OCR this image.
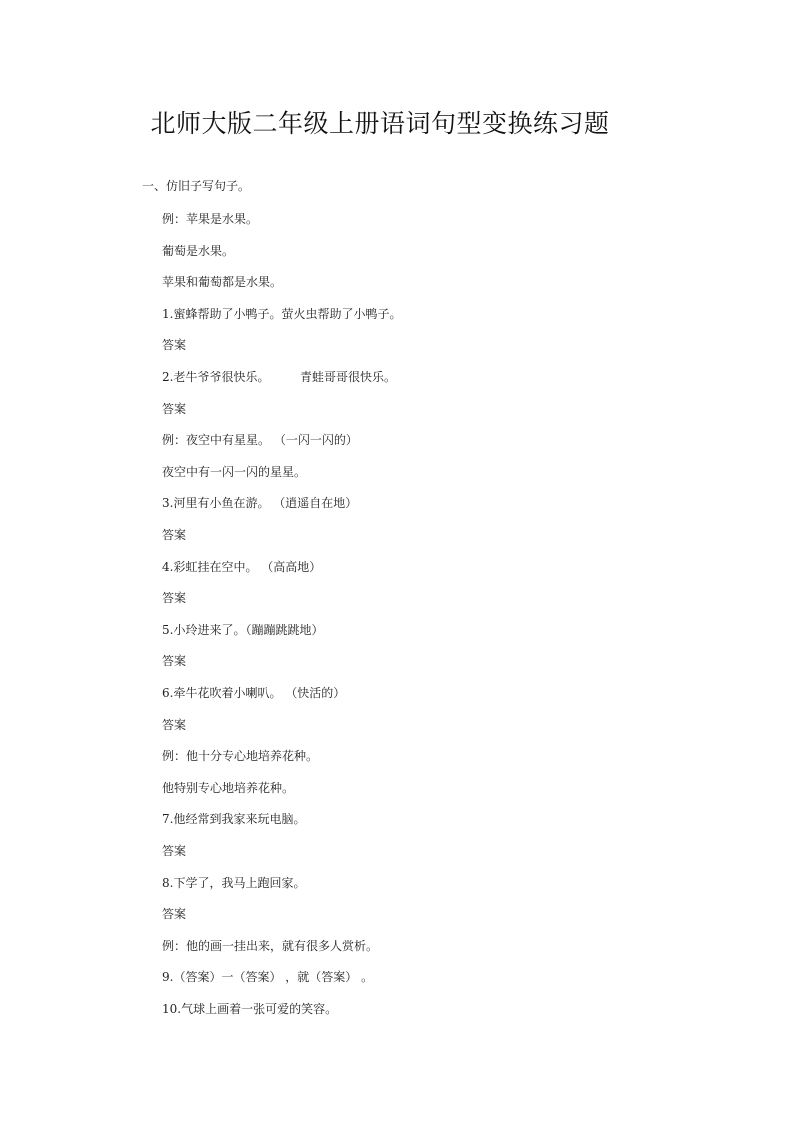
北师大版二年级上册语词句型变换练习题
一、仿旧子写句子。
例：苹果是水果。
葡萄是水果。
苹果和葡萄都是水果。
1.蜜蜂帮助了小鸭子。萤火虫帮助了小鸭子。
答案
2.老牛爷爷很快乐。        青蛙哥哥很快乐。
答案
例：夜空中有星星。 （一闪一闪的）
夜空中有一闪一闪的星星。
3.河里有小鱼在游。 （逍遥自在地）
答案
4.彩虹挂在空中。 （高高地）
答案
5.小玲进来了。（蹦蹦跳跳地）
答案
6.牵牛花吹着小喇叭。 （快活的）
答案
例：他十分专心地培养花种。
他特别专心地培养花种。
7.他经常到我家来玩电脑。
答案
8.下学了，我马上跑回家。
答案
例：他的画一挂出来，就有很多人赏析。
9.（答案）一（答案） ，就（答案） 。
10.气球上画着一张可爱的笑容。
